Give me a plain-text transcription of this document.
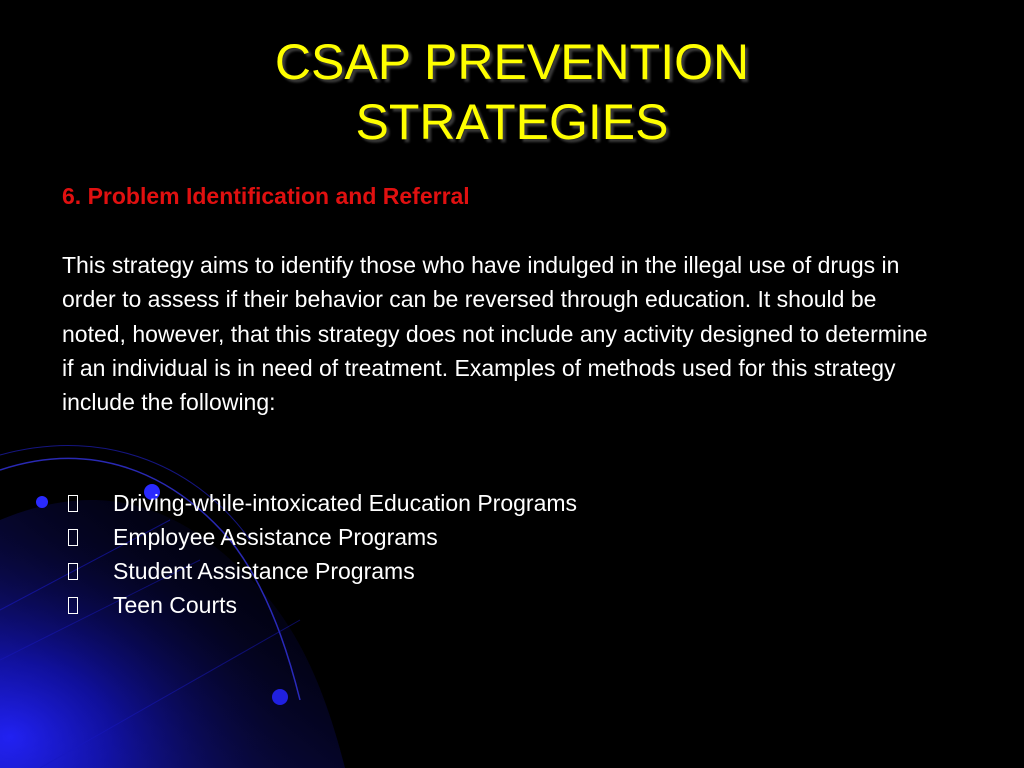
CSAP PREVENTION
STRATEGIES

6. Problem Identification and Referral

This strategy aims to identify those who have indulged in the illegal use of drugs in order to assess if their behavior can be reversed through education. It should be noted, however, that this strategy does not include any activity designed to determine if an individual is in need of treatment. Examples of methods used for this strategy include the following:

Driving-while-intoxicated Education Programs
Employee Assistance Programs
Student Assistance Programs
Teen Courts
